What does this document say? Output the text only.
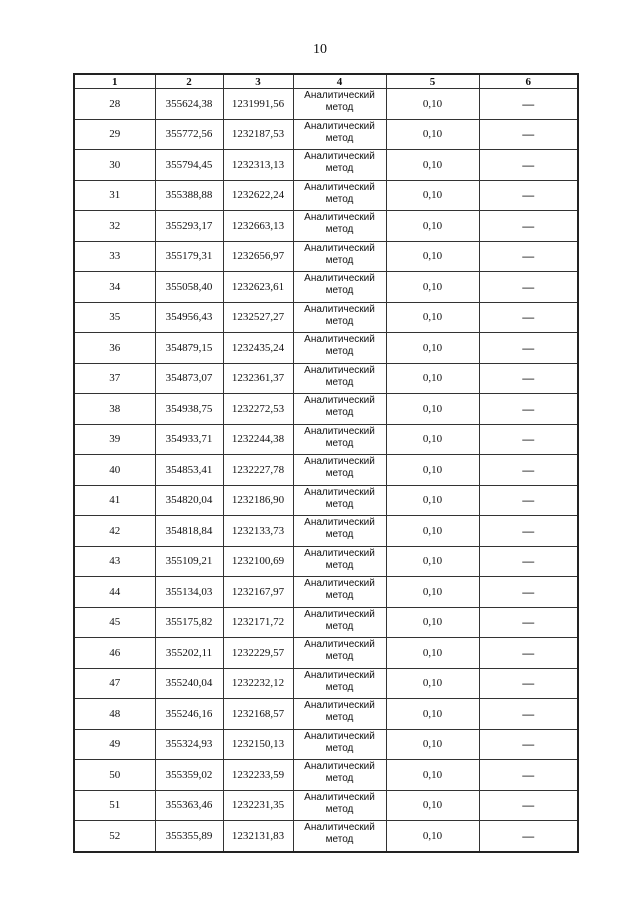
10
1	2	3	4	5	6
28	355624,38	1231991,56	Аналитический метод	0,10	—
29	355772,56	1232187,53	Аналитический метод	0,10	—
30	355794,45	1232313,13	Аналитический метод	0,10	—
31	355388,88	1232622,24	Аналитический метод	0,10	—
32	355293,17	1232663,13	Аналитический метод	0,10	—
33	355179,31	1232656,97	Аналитический метод	0,10	—
34	355058,40	1232623,61	Аналитический метод	0,10	—
35	354956,43	1232527,27	Аналитический метод	0,10	—
36	354879,15	1232435,24	Аналитический метод	0,10	—
37	354873,07	1232361,37	Аналитический метод	0,10	—
38	354938,75	1232272,53	Аналитический метод	0,10	—
39	354933,71	1232244,38	Аналитический метод	0,10	—
40	354853,41	1232227,78	Аналитический метод	0,10	—
41	354820,04	1232186,90	Аналитический метод	0,10	—
42	354818,84	1232133,73	Аналитический метод	0,10	—
43	355109,21	1232100,69	Аналитический метод	0,10	—
44	355134,03	1232167,97	Аналитический метод	0,10	—
45	355175,82	1232171,72	Аналитический метод	0,10	—
46	355202,11	1232229,57	Аналитический метод	0,10	—
47	355240,04	1232232,12	Аналитический метод	0,10	—
48	355246,16	1232168,57	Аналитический метод	0,10	—
49	355324,93	1232150,13	Аналитический метод	0,10	—
50	355359,02	1232233,59	Аналитический метод	0,10	—
51	355363,46	1232231,35	Аналитический метод	0,10	—
52	355355,89	1232131,83	Аналитический метод	0,10	—
